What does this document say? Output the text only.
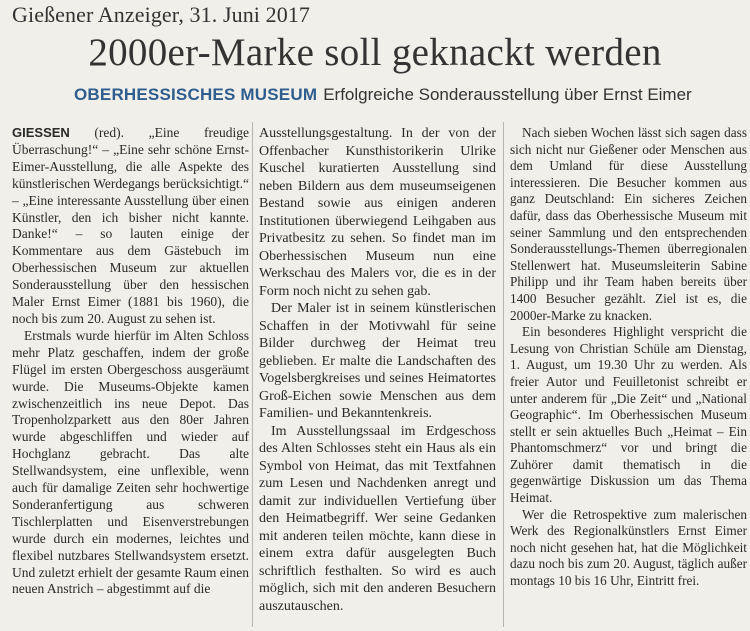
Gießener Anzeiger, 31. Juni 2017
2000er-Marke soll geknackt werden
OBERHESSISCHES MUSEUM Erfolgreiche Sonderausstellung über Ernst Eimer

GIESSEN (red). „Eine freudige Überraschung!“ – „Eine sehr schöne Ernst-Eimer-Ausstellung, die alle Aspekte des künstlerischen Werdegangs berücksichtigt.“ – „Eine interessante Ausstellung über einen Künstler, den ich bisher nicht kannte. Danke!“ – so lauten einige der Kommentare aus dem Gästebuch im Oberhessischen Museum zur aktuellen Sonderausstellung über den hessischen Maler Ernst Eimer (1881 bis 1960), die noch bis zum 20. August zu sehen ist.

Erstmals wurde hierfür im Alten Schloss mehr Platz geschaffen, indem der große Flügel im ersten Obergeschoss ausgeräumt wurde. Die Museums-Objekte kamen zwischenzeitlich ins neue Depot. Das Tropenholzparkett aus den 80er Jahren wurde abgeschliffen und wieder auf Hochglanz gebracht. Das alte Stellwandsystem, eine unflexible, wenn auch für damalige Zeiten sehr hochwertige Sonderanfertigung aus schweren Tischlerplatten und Eisenverstrebungen wurde durch ein modernes, leichtes und flexibel nutzbares Stellwandsystem ersetzt. Und zuletzt erhielt der gesamte Raum einen neuen Anstrich – abgestimmt auf die

Ausstellungsgestaltung. In der von der Offenbacher Kunsthistorikerin Ulrike Kuschel kuratierten Ausstellung sind neben Bildern aus dem museumseigenen Bestand sowie aus einigen anderen Institutionen überwiegend Leihgaben aus Privatbesitz zu sehen. So findet man im Oberhessischen Museum nun eine Werkschau des Malers vor, die es in der Form noch nicht zu sehen gab.

Der Maler ist in seinem künstlerischen Schaffen in der Motivwahl für seine Bilder durchweg der Heimat treu geblieben. Er malte die Landschaften des Vogelsbergkreises und seines Heimatortes Groß-Eichen sowie Menschen aus dem Familien- und Bekanntenkreis.

Im Ausstellungssaal im Erdgeschoss des Alten Schlosses steht ein Haus als ein Symbol von Heimat, das mit Textfahnen zum Lesen und Nachdenken anregt und damit zur individuellen Vertiefung über den Heimatbegriff. Wer seine Gedanken mit anderen teilen möchte, kann diese in einem extra dafür ausgelegten Buch schriftlich festhalten. So wird es auch möglich, sich mit den anderen Besuchern auszutauschen.

Nach sieben Wochen lässt sich sagen dass sich nicht nur Gießener oder Menschen aus dem Umland für diese Ausstellung interessieren. Die Besucher kommen aus ganz Deutschland: Ein sicheres Zeichen dafür, dass das Oberhessische Museum mit seiner Sammlung und den entsprechenden Sonderausstellungs-Themen überregionalen Stellenwert hat. Museumsleiterin Sabine Philipp und ihr Team haben bereits über 1400 Besucher gezählt. Ziel ist es, die 2000er-Marke zu knacken.

Ein besonderes Highlight verspricht die Lesung von Christian Schüle am Dienstag, 1. August, um 19.30 Uhr zu werden. Als freier Autor und Feuilletonist schreibt er unter anderem für „Die Zeit“ und „National Geographic“. Im Oberhessischen Museum stellt er sein aktuelles Buch „Heimat – Ein Phantomschmerz“ vor und bringt die Zuhörer damit thematisch in die gegenwärtige Diskussion um das Thema Heimat.

Wer die Retrospektive zum malerischen Werk des Regionalkünstlers Ernst Eimer noch nicht gesehen hat, hat die Möglichkeit dazu noch bis zum 20. August, täglich außer montags 10 bis 16 Uhr, Eintritt frei.
